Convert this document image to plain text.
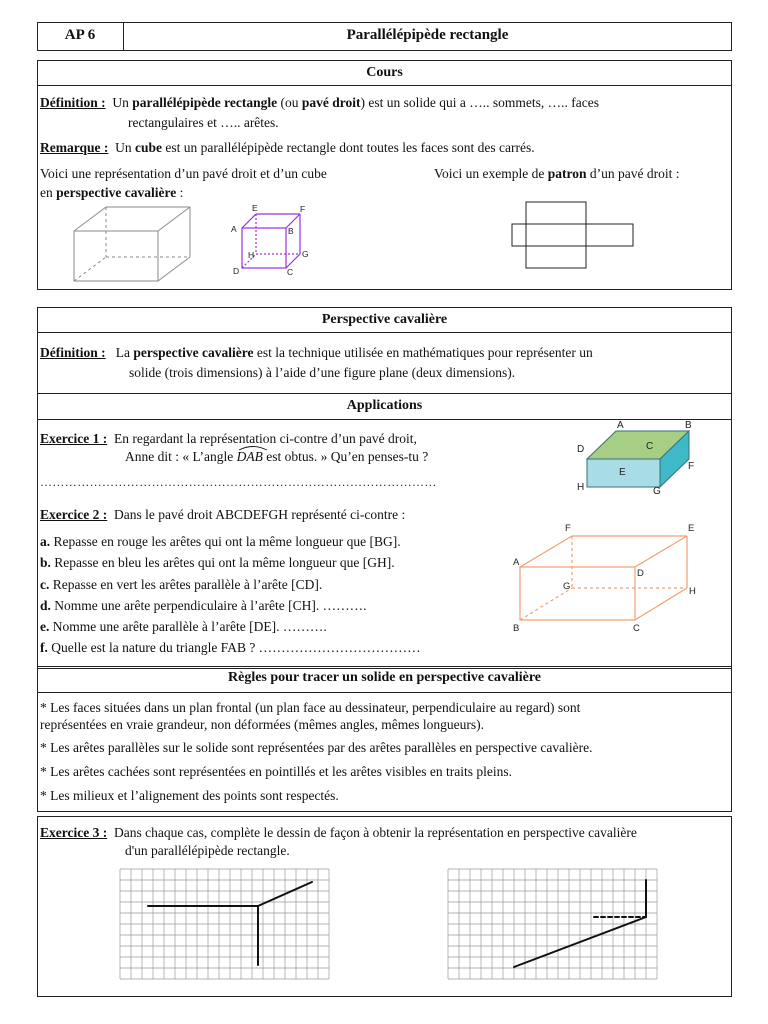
AP 6	Parallélépipède rectangle
Cours
Définition : Un parallélépipède rectangle (ou pavé droit) est un solide qui a ….. sommets, ….. faces
rectangulaires et ….. arêtes.
Remarque : Un cube est un parallélépipède rectangle dont toutes les faces sont des carrés.
Voici une représentation d’un pavé droit et d’un cube
en perspective cavalière :
Voici un exemple de patron d’un pavé droit :
E	F
A	B
H	G
D	C
Perspective cavalière
Définition : La perspective cavalière est la technique utilisée en mathématiques pour représenter un
solide (trois dimensions) à l’aide d’une figure plane (deux dimensions).
Applications
Exercice 1 : En regardant la représentation ci-contre d’un pavé droit,
Anne dit : « L’angle DAB
est obtus. » Qu’en penses-tu ?
……………………………………………………………………………………
A	B
C
D
E
F
H	G
Exercice 2 : Dans le pavé droit ABCDEFGH représenté ci-contre :
a. Repasse en rouge les arêtes qui ont la même longueur que [BG].
b. Repasse en bleu les arêtes qui ont la même longueur que [GH].
c. Repasse en vert les arêtes parallèle à l’arête [CD].
d. Nomme une arête perpendiculaire à l’arête [CH]. ……….
e. Nomme une arête parallèle à l’arête [DE]. ……….
f. Quelle est la nature du triangle FAB ? ………………………………
F	E
A
D
G	H
B	C
Règles pour tracer un solide en perspective cavalière
* Les faces situées dans un plan frontal (un plan face au dessinateur, perpendiculaire au regard) sont
représentées en vraie grandeur, non déformées (mêmes angles, mêmes longueurs).
* Les arêtes parallèles sur le solide sont représentées par des arêtes parallèles en perspective cavalière.
* Les arêtes cachées sont représentées en pointillés et les arêtes visibles en traits pleins.
* Les milieux et l’alignement des points sont respectés.
Exercice 3 : Dans chaque cas, complète le dessin de façon à obtenir la représentation en perspective cavalière
d'un parallélépipède rectangle.
